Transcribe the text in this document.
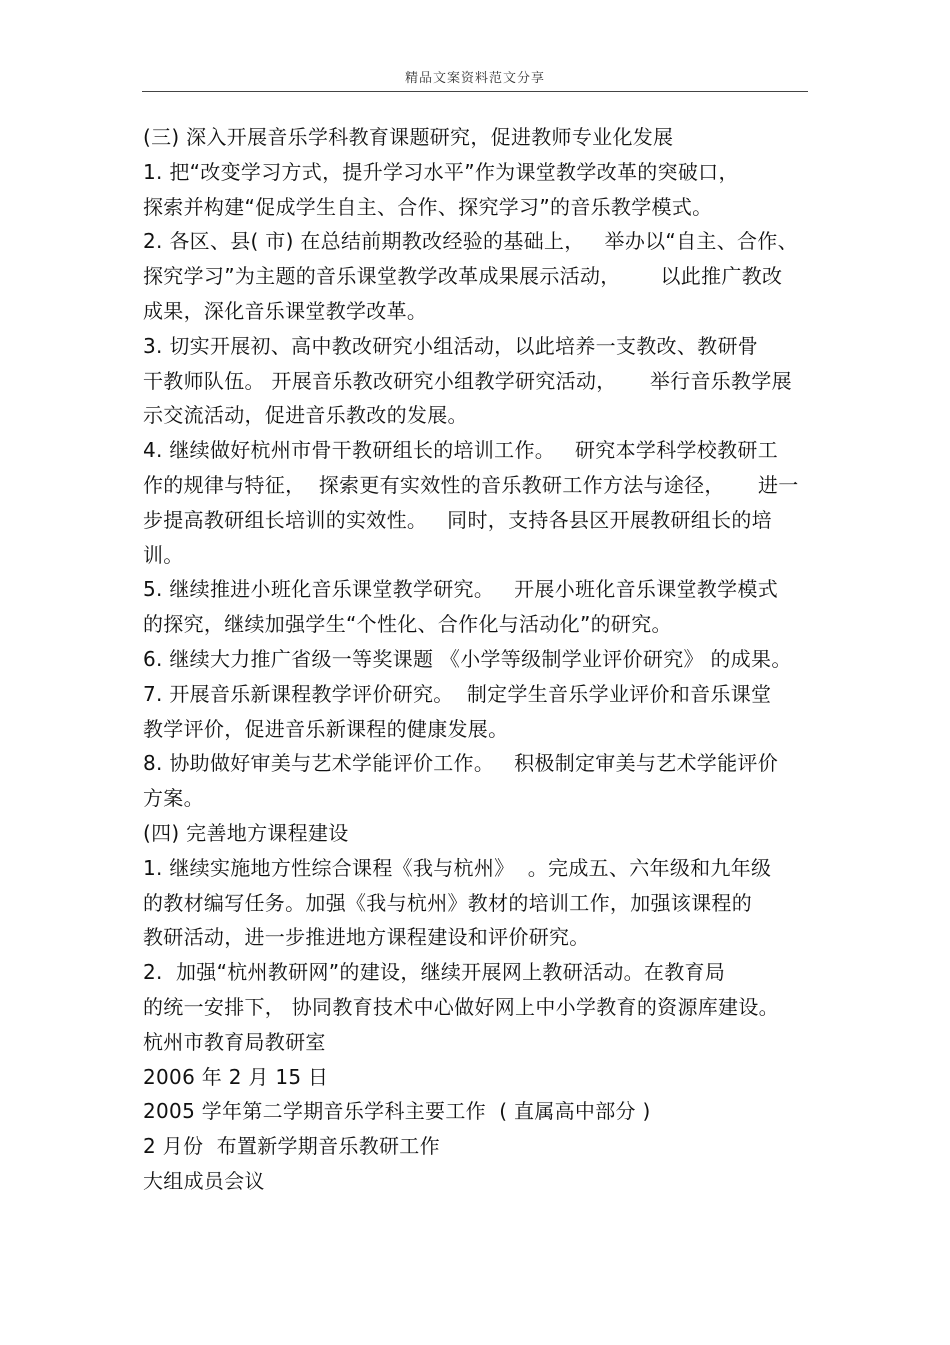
精品文案资料范文分享
(三) 深入开展音乐学科教育课题研究，促进教师专业化发展
1. 把“改变学习方式，提升学习水平”作为课堂教学改革的突破口，
探索并构建“促成学生自主、合作、探究学习”的音乐教学模式。
2. 各区、县( 市) 在总结前期教改经验的基础上，   举办以“自主、合作、
探究学习”为主题的音乐课堂教学改革成果展示活动，      以此推广教改
成果，深化音乐课堂教学改革。
3. 切实开展初、高中教改研究小组活动，以此培养一支教改、教研骨
干教师队伍。 开展音乐教改研究小组教学研究活动，     举行音乐教学展
示交流活动，促进音乐教改的发展。
4. 继续做好杭州市骨干教研组长的培训工作。   研究本学科学校教研工
作的规律与特征，  探索更有实效性的音乐教研工作方法与途径，     进一
步提高教研组长培训的实效性。   同时，支持各县区开展教研组长的培
训。
5. 继续推进小班化音乐课堂教学研究。   开展小班化音乐课堂教学模式
的探究，继续加强学生“个性化、合作化与活动化”的研究。
6. 继续大力推广省级一等奖课题 《小学等级制学业评价研究》 的成果。
7. 开展音乐新课程教学评价研究。  制定学生音乐学业评价和音乐课堂
教学评价，促进音乐新课程的健康发展。
8. 协助做好审美与艺术学能评价工作。   积极制定审美与艺术学能评价
方案。
(四) 完善地方课程建设
1. 继续实施地方性综合课程《我与杭州》  。完成五、六年级和九年级
的教材编写任务。加强《我与杭州》教材的培训工作，加强该课程的
教研活动，进一步推进地方课程建设和评价研究。
2.  加强“杭州教研网”的建设，继续开展网上教研活动。在教育局
的统一安排下， 协同教育技术中心做好网上中小学教育的资源库建设。
杭州市教育局教研室
2006 年 2 月 15 日
2005 学年第二学期音乐学科主要工作  ( 直属高中部分 )
2 月份  布置新学期音乐教研工作
大组成员会议
